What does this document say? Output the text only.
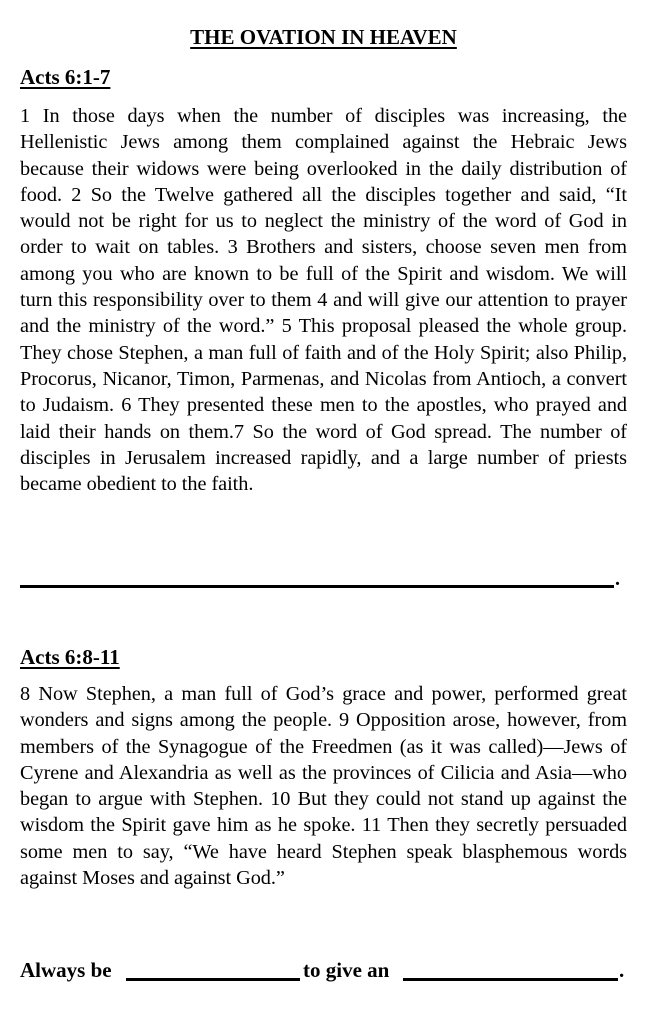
THE OVATION IN HEAVEN
Acts 6:1-7

1 In those days when the number of disciples was increasing, the Hellenistic Jews among them complained against the Hebraic Jews because their widows were being overlooked in the daily distribution of food. 2 So the Twelve gathered all the disciples together and said, “It would not be right for us to neglect the ministry of the word of God in order to wait on tables. 3 Brothers and sisters, choose seven men from among you who are known to be full of the Spirit and wisdom. We will turn this responsibility over to them 4 and will give our attention to prayer and the ministry of the word.” 5 This proposal pleased the whole group. They chose Stephen, a man full of faith and of the Holy Spirit; also Philip, Procorus, Nicanor, Timon, Parmenas, and Nicolas from Antioch, a convert to Judaism. 6 They presented these men to the apostles, who prayed and laid their hands on them.7 So the word of God spread. The number of disciples in Jerusalem increased rapidly, and a large number of priests became obedient to the faith.

.
Acts 6:8-11

8 Now Stephen, a man full of God’s grace and power, performed great wonders and signs among the people. 9 Opposition arose, however, from members of the Synagogue of the Freedmen (as it was called)—Jews of Cyrene and Alexandria as well as the provinces of Cilicia and Asia—who began to argue with Stephen. 10 But they could not stand up against the wisdom the Spirit gave him as he spoke. 11 Then they secretly persuaded some men to say, “We have heard Stephen speak blasphemous words against Moses and against God.”

Always be	to give an	.
